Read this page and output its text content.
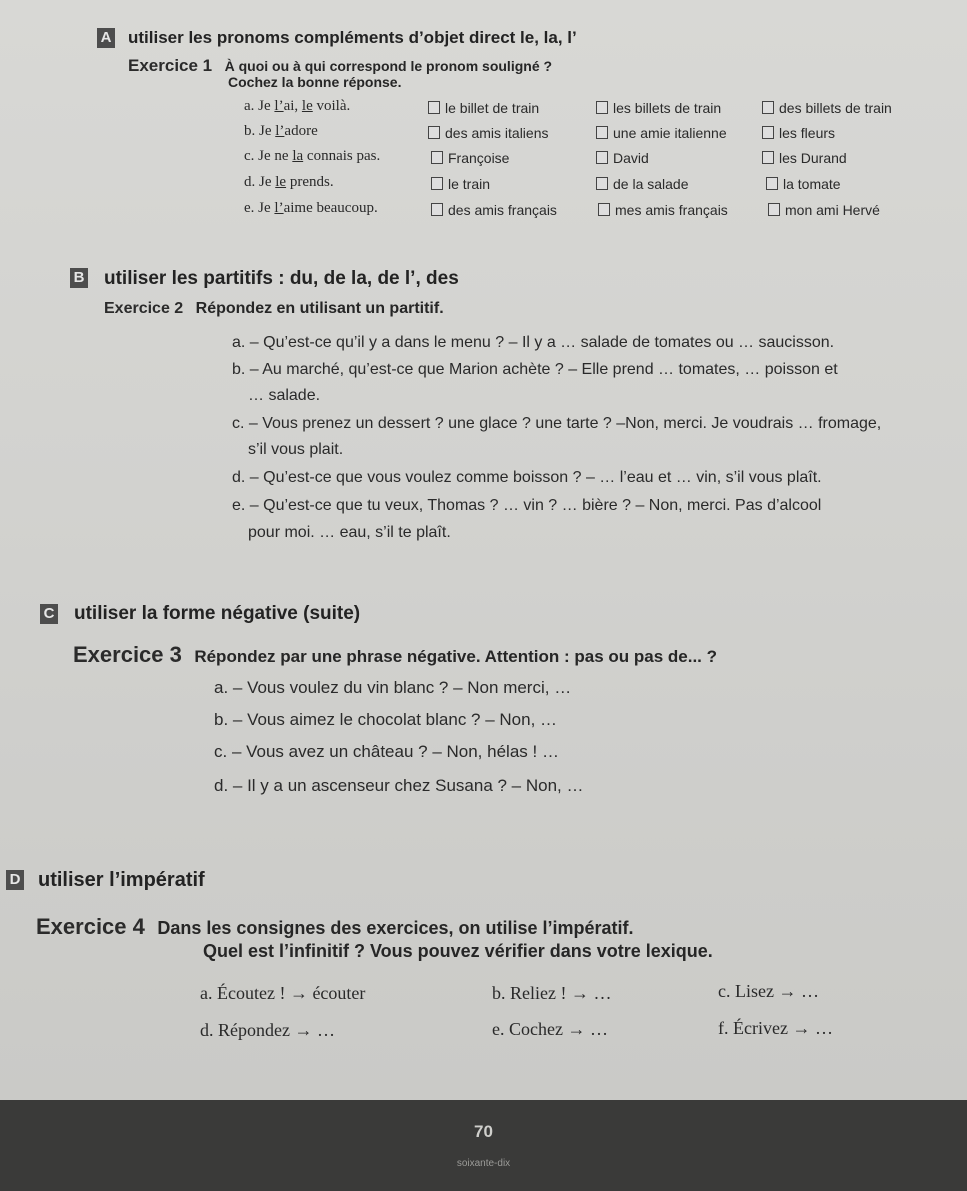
A utiliser les pronoms compléments d’objet direct le, la, l’
Exercice 1 À quoi ou à qui correspond le pronom souligné ?
Cochez la bonne réponse.
a. Je l’ai, le voilà.	le billet de train	les billets de train	des billets de train
b. Je l’adore	des amis italiens	une amie italienne	les fleurs
c. Je ne la connais pas.	Françoise	David	les Durand
d. Je le prends.	le train	de la salade	la tomate
e. Je l’aime beaucoup.	des amis français	mes amis français	mon ami Hervé
B utiliser les partitifs : du, de la, de l’, des
Exercice 2 Répondez en utilisant un partitif.
a. – Qu’est-ce qu’il y a dans le menu ? – Il y a … salade de tomates ou … saucisson.
b. – Au marché, qu’est-ce que Marion achète ? – Elle prend … tomates, … poisson et
… salade.
c. – Vous prenez un dessert ? une glace ? une tarte ? –Non, merci. Je voudrais … fromage,
s’il vous plait.
d. – Qu’est-ce que vous voulez comme boisson ? – … l’eau et … vin, s’il vous plaît.
e. – Qu’est-ce que tu veux, Thomas ? … vin ? … bière ? – Non, merci. Pas d’alcool
pour moi. … eau, s’il te plaît.
C utiliser la forme négative (suite)
Exercice 3 Répondez par une phrase négative. Attention : pas ou pas de... ?
a. – Vous voulez du vin blanc ? – Non merci, …
b. – Vous aimez le chocolat blanc ? – Non, …
c. – Vous avez un château ? – Non, hélas ! …
d. – Il y a un ascenseur chez Susana ? – Non, …
D utiliser l’impératif
Exercice 4 Dans les consignes des exercices, on utilise l’impératif.
Quel est l’infinitif ? Vous pouvez vérifier dans votre lexique.
a. Écoutez ! → écouter	b. Reliez ! → …	c. Lisez → …
d. Répondez → …	e. Cochez → …	f. Écrivez → …
70
soixante-dix
